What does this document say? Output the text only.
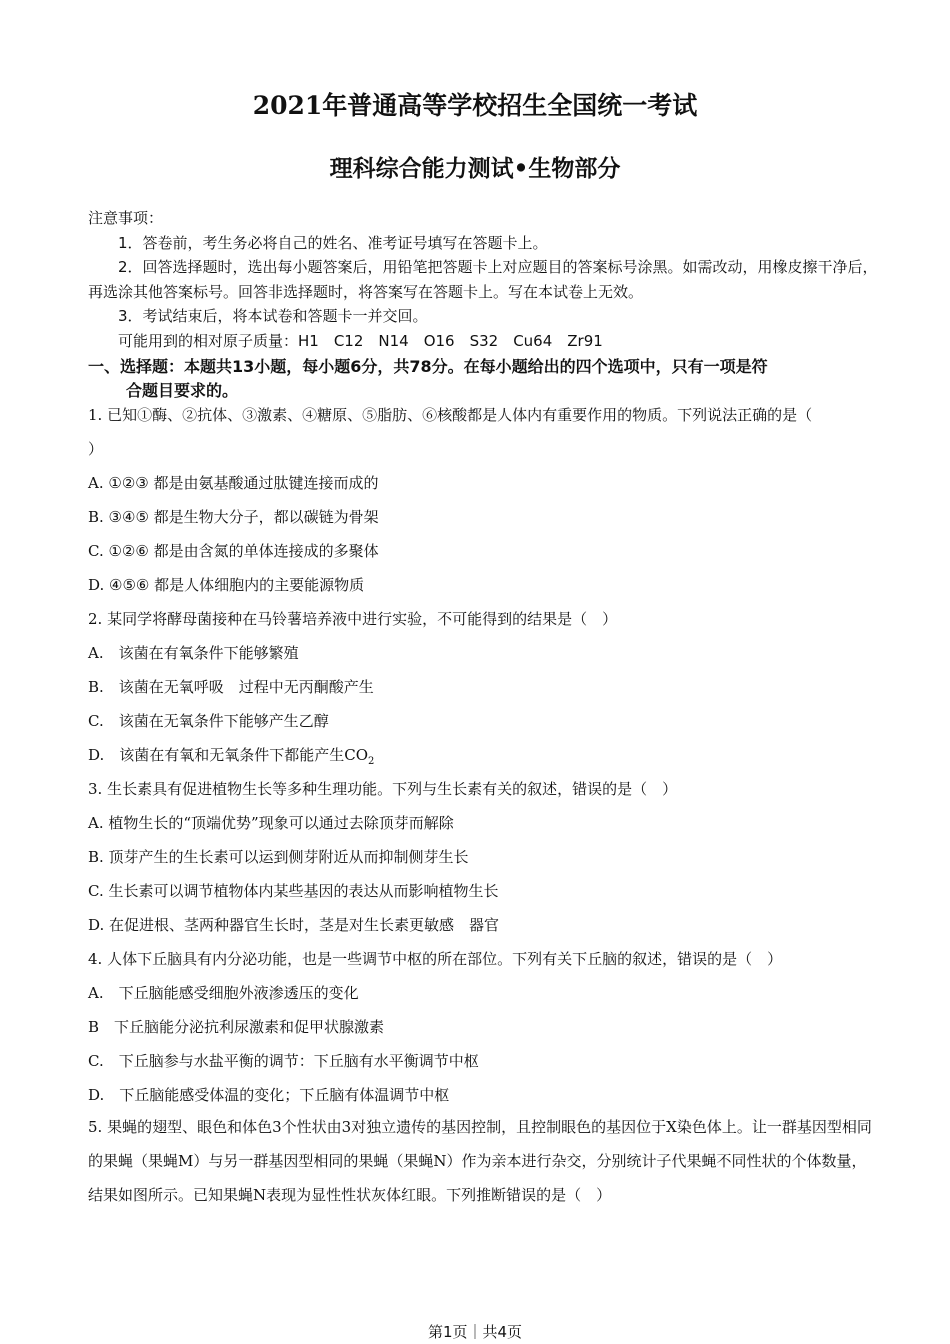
2021年普通高等学校招生全国统一考试
理科综合能力测试•生物部分
注意事项：
1．答卷前，考生务必将自己的姓名、准考证号填写在答题卡上。
2．回答选择题时，选出每小题答案后，用铅笔把答题卡上对应题目的答案标号涂黑。如需改动，用橡皮擦干净后，再选涂其他答案标号。回答非选择题时，将答案写在答题卡上。写在本试卷上无效。
3．考试结束后，将本试卷和答题卡一并交回。
可能用到的相对原子质量：H1　C12　N14　O16　S32　Cu64　Zr91
一、选择题：本题共13小题，每小题6分，共78分。在每小题给出的四个选项中，只有一项是符
合题目要求的。

1. 已知①酶、②抗体、③激素、④糖原、⑤脂肪、⑥核酸都是人体内有重要作用的物质。下列说法正确的是（

）

A. ①②③ 都是由氨基酸通过肽键连接而成的

B. ③④⑤ 都是生物大分子，都以碳链为骨架

C. ①②⑥ 都是由含氮的单体连接成的多聚体

D. ④⑤⑥ 都是人体细胞内的主要能源物质

2. 某同学将酵母菌接种在马铃薯培养液中进行实验，不可能得到的结果是（　）

A.　该菌在有氧条件下能够繁殖

B.　该菌在无氧呼吸　过程中无丙酮酸产生

C.　该菌在无氧条件下能够产生乙醇

D.　该菌在有氧和无氧条件下都能产生$CO_2$

3. 生长素具有促进植物生长等多种生理功能。下列与生长素有关的叙述，错误的是（　）

A. 植物生长的“顶端优势”现象可以通过去除顶芽而解除

B. 顶芽产生的生长素可以运到侧芽附近从而抑制侧芽生长

C. 生长素可以调节植物体内某些基因的表达从而影响植物生长

D. 在促进根、茎两种器官生长时，茎是对生长素更敏感　器官

4. 人体下丘脑具有内分泌功能，也是一些调节中枢的所在部位。下列有关下丘脑的叙述，错误的是（　）

A.　下丘脑能感受细胞外液渗透压的变化

B　下丘脑能分泌抗利尿激素和促甲状腺激素

C.　下丘脑参与水盐平衡的调节：下丘脑有水平衡调节中枢

D.　下丘脑能感受体温的变化；下丘脑有体温调节中枢

5. 果蝇的翅型、眼色和体色3个性状由3对独立遗传的基因控制，且控制眼色的基因位于X染色体上。让一群基因型相同的果蝇（果蝇M）与另一群基因型相同的果蝇（果蝇N）作为亲本进行杂交，分别统计子代果蝇不同性状的个体数量，结果如图所示。已知果蝇N表现为显性性状灰体红眼。下列推断错误的是（　）

第1页｜共4页
